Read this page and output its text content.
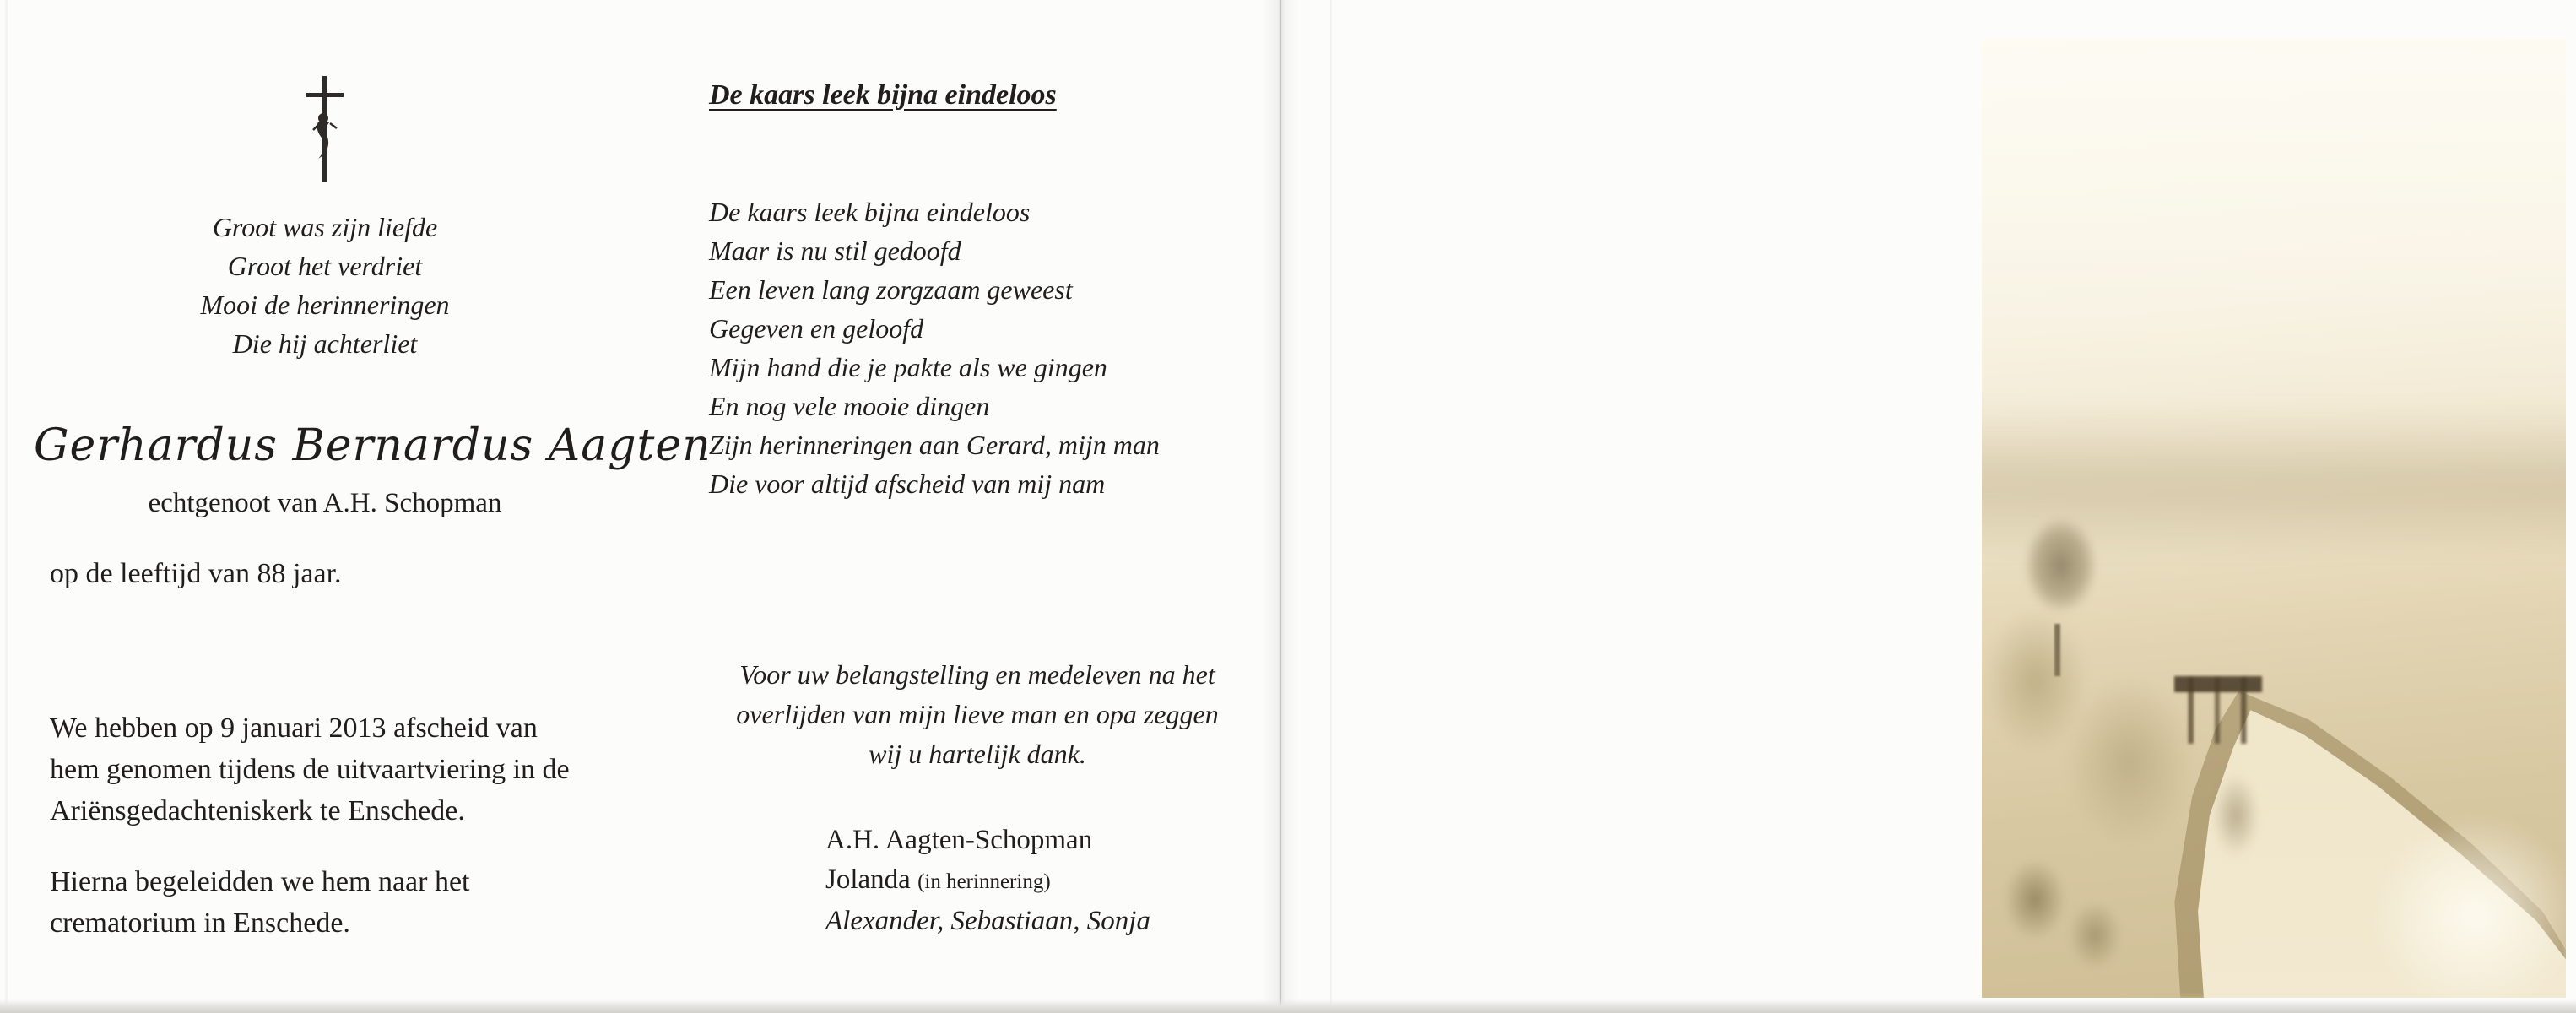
Groot was zijn liefde
Groot het verdriet
Mooi de herinneringen
Die hij achterliet
Gerhardus Bernardus Aagten
echtgenoot van A.H. Schopman
op de leeftijd van 88 jaar.
We hebben op 9 januari 2013 afscheid van
hem genomen tijdens de uitvaartviering in de
Ariënsgedachteniskerk te Enschede.
Hierna begeleidden we hem naar het
crematorium in Enschede.
De kaars leek bijna eindeloos
De kaars leek bijna eindeloos
Maar is nu stil gedoofd
Een leven lang zorgzaam geweest
Gegeven en geloofd
Mijn hand die je pakte als we gingen
En nog vele mooie dingen
Zijn herinneringen aan Gerard, mijn man
Die voor altijd afscheid van mij nam
Voor uw belangstelling en medeleven na het
overlijden van mijn lieve man en opa zeggen
wij u hartelijk dank.
A.H. Aagten-Schopman
Jolanda (in herinnering)
Alexander, Sebastiaan, Sonja
